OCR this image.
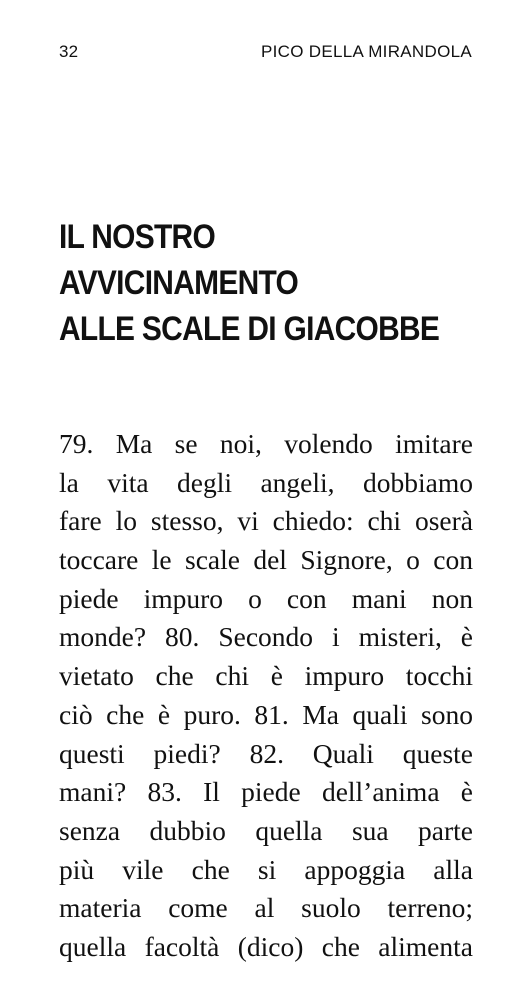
32	PICO DELLA MIRANDOLA
IL NOSTRO
AVVICINAMENTO
ALLE SCALE DI GIACOBBE
79. Ma se noi, volendo imitare
la vita degli angeli, dobbiamo
fare lo stesso, vi chiedo: chi oserà
toccare le scale del Signore, o con
piede impuro o con mani non
monde? 80. Secondo i misteri, è
vietato che chi è impuro tocchi
ciò che è puro. 81. Ma quali sono
questi piedi? 82. Quali queste
mani? 83. Il piede dell’anima è
senza dubbio quella sua parte
più vile che si appoggia alla
materia come al suolo terreno;
quella facoltà (dico) che alimenta
